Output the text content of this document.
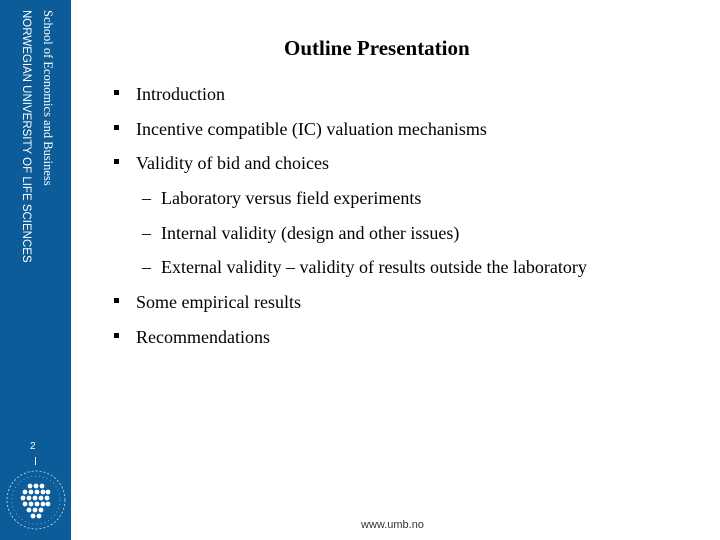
School of Economics and Business
NORWEGIAN UNIVERSITY OF LIFE SCIENCES
2
Outline Presentation
Introduction
Incentive compatible (IC) valuation mechanisms
Validity of bid and choices
– Laboratory versus field experiments
– Internal validity (design and other issues)
– External validity – validity of results outside the laboratory
Some empirical results
Recommendations
www.umb.no
